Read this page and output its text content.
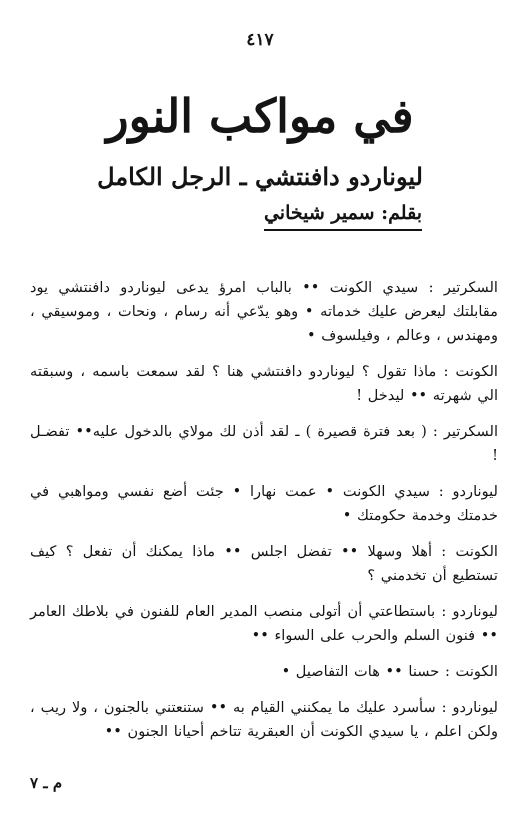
٤١٧
في مواكب النور
ليوناردو دافنتشي ـ الرجل الكامل
بقلم: سمير شيخاني

السكرتير : سيدي الكونت •• بالباب امرؤ يدعى ليوناردو دافنتشي يود مقابلتك ليعرض عليك خدماته • وهو يدّعي أنه رسام ، ونحات ، وموسيقي ، ومهندس ، وعالم ، وفيلسوف •

الكونت : ماذا تقول ؟ ليوناردو دافنتشي هنا ؟ لقد سمعت باسمه ، وسبقته الي شهرته •• ليدخل !

السكرتير : ( بعد فترة قصيرة ) ـ لقد أذن لك مولاي بالدخول عليه•• تفضـل !

ليوناردو : سيدي الكونت • عمت نهارا • جئت أضع نفسي ومواهبي في خدمتك وخدمة حكومتك •

الكونت : أهلا وسهلا •• تفضل اجلس •• ماذا يمكنك أن تفعل ؟ كيف تستطيع أن تخدمني ؟

ليوناردو : باستطاعتي أن أتولى منصب المدير العام للفنون في بلاطك العامر •• فنون السلم والحرب على السواء ••

الكونت : حسنا •• هات التفاصيل •

ليوناردو : سأسرد عليك ما يمكنني القيام به •• ستنعتني بالجنون ، ولا ريب ، ولكن اعلم ، يا سيدي الكونت أن العبقرية تتاخم أحيانا الجنون ••

م ـ ٧
